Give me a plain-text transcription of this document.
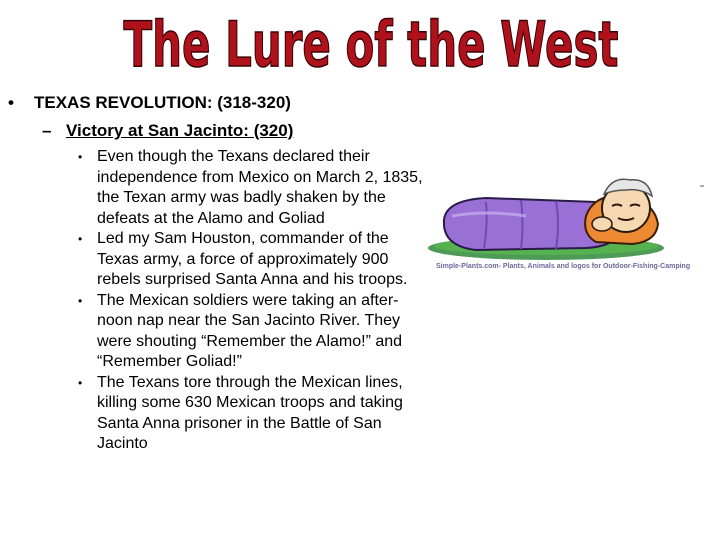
The Lure of the West
• TEXAS REVOLUTION: (318-320)
– Victory at San Jacinto: (320)

• Even though the Texans declared their independence from Mexico on March 2, 1835, the Texan army was badly shaken by the defeats at the Alamo and Goliad

• Led my Sam Houston, commander of the Texas army, a force of approximately 900 rebels surprised Santa Anna and his troops.

• The Mexican soldiers were taking an after-noon nap near the San Jacinto River. They were shouting “Remember the Alamo!” and “Remember Goliad!”

• The Texans tore through the Mexican lines, killing some 630 Mexican troops and taking Santa Anna prisoner in the Battle of San Jacinto

Simple-Plants.com- Plants, Animals and logos for Outdoor-Fishing-Camping
